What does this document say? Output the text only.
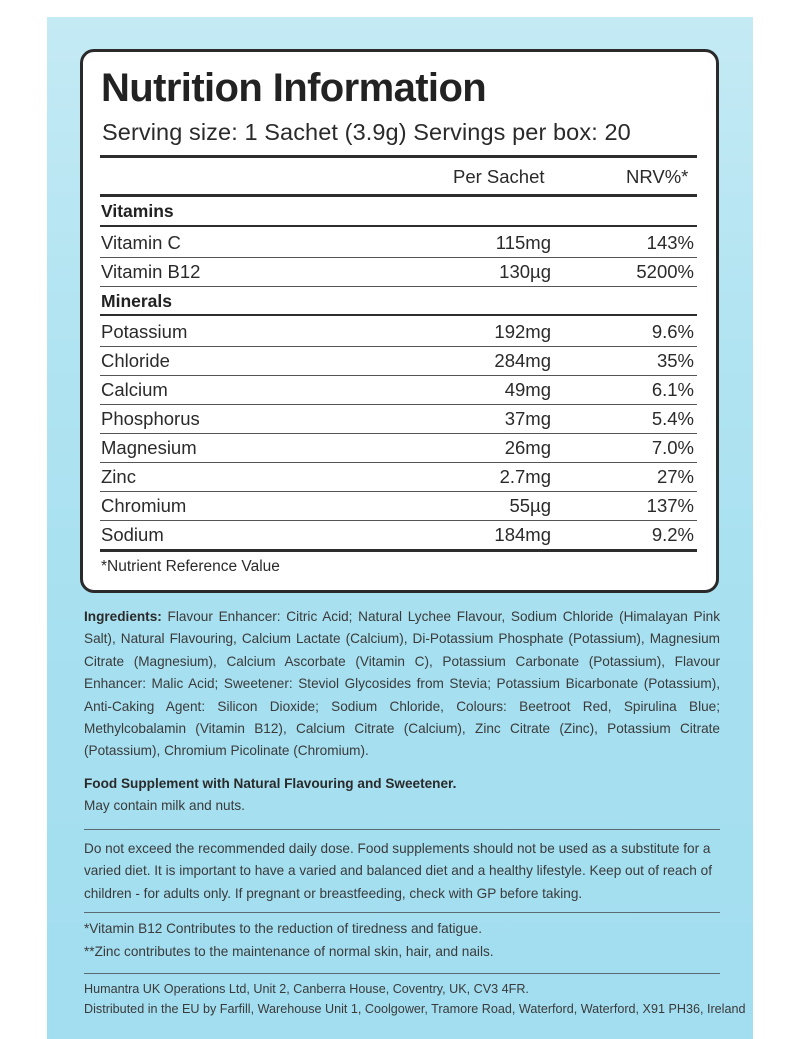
Nutrition Information
Serving size: 1 Sachet (3.9g) Servings per box: 20
Per Sachet	NRV%*
Vitamins
Vitamin C	115mg	143%
Vitamin B12	130µg	5200%
Minerals
Potassium	192mg	9.6%
Chloride	284mg	35%
Calcium	49mg	6.1%
Phosphorus	37mg	5.4%
Magnesium	26mg	7.0%
Zinc	2.7mg	27%
Chromium	55µg	137%
Sodium	184mg	9.2%
*Nutrient Reference Value
Ingredients: Flavour Enhancer: Citric Acid; Natural Lychee Flavour, Sodium Chloride (Himalayan Pink Salt), Natural Flavouring, Calcium Lactate (Calcium), Di-Potassium Phosphate (Potassium), Magnesium Citrate (Magnesium), Calcium Ascorbate (Vitamin C), Potassium Carbonate (Potassium), Flavour Enhancer: Malic Acid; Sweetener: Steviol Glycosides from Stevia; Potassium Bicarbonate (Potassium), Anti-Caking Agent: Silicon Dioxide; Sodium Chloride, Colours: Beetroot Red, Spirulina Blue; Methylcobalamin (Vitamin B12), Calcium Citrate (Calcium), Zinc Citrate (Zinc), Potassium Citrate (Potassium), Chromium Picolinate (Chromium).
Food Supplement with Natural Flavouring and Sweetener.
May contain milk and nuts.
Do not exceed the recommended daily dose. Food supplements should not be used as a substitute for a varied diet. It is important to have a varied and balanced diet and a healthy lifestyle. Keep out of reach of children - for adults only. If pregnant or breastfeeding, check with GP before taking.
*Vitamin B12 Contributes to the reduction of tiredness and fatigue.
**Zinc contributes to the maintenance of normal skin, hair, and nails.
Humantra UK Operations Ltd, Unit 2, Canberra House, Coventry, UK, CV3 4FR.
Distributed in the EU by Farfill, Warehouse Unit 1, Coolgower, Tramore Road, Waterford, Waterford, X91 PH36, Ireland
